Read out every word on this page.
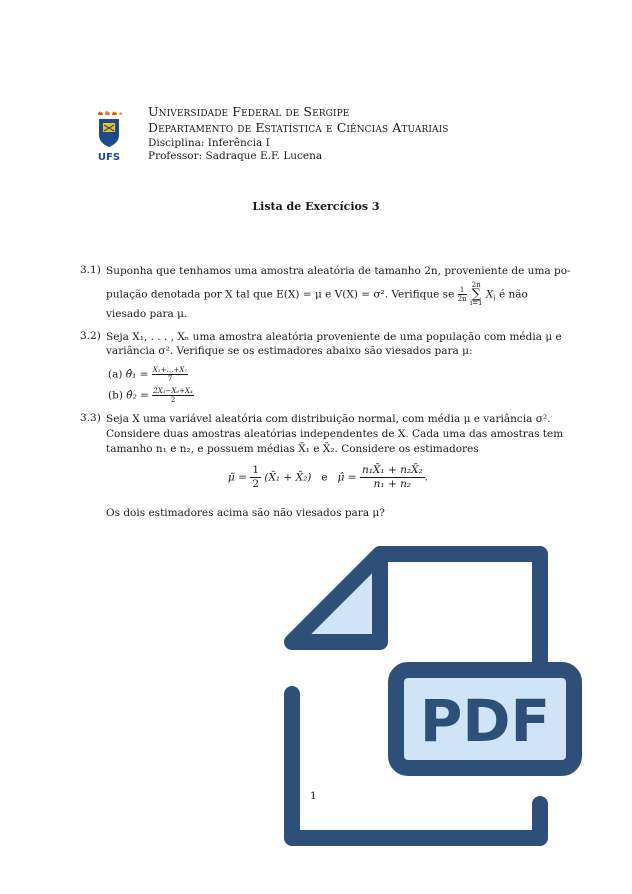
UFS
Universidade Federal de Sergipe
Departamento de Estatística e Ciências Atuariais
Disciplina: Inferência I
Professor: Sadraque E.F. Lucena
Lista de Exercícios 3
3.1) Suponha que tenhamos uma amostra aleatória de tamanho 2n, proveniente de uma po-
pulação denotada por X tal que E(X) = μ e V(X) = σ². Verifique se $\frac{1}{2n}$
2n
∑
i=1 $X_i$ é não
viesado para μ.
3.2) Seja X₁, . . . , Xₙ uma amostra aleatória proveniente de uma população com média μ e
variância σ². Verifique se os estimadores abaixo são viesados para μ:
(a) θ̂₁ = $\frac{\text{X₁+…+X₇}}{7}$
(b) θ̂₂ = $\frac{\text{2X₁−X₆+X₄}}{2}$
3.3) Seja X uma variável aleatória com distribuição normal, com média μ e variância σ².
Considere duas amostras aleatórias independentes de X. Cada uma das amostras tem
tamanho n₁ e n₂, e possuem médias X̄₁ e X̄₂. Considere os estimadores
μ̃ = $\frac{1}{2}$ (X̄₁ + X̄₂) e μ̂ = $\frac{\text{n₁X̄₁ + n₂X̄₂}}{\text{n₁ + n₂}}$ .
Os dois estimadores acima são não viesados para μ?
PDF
1
